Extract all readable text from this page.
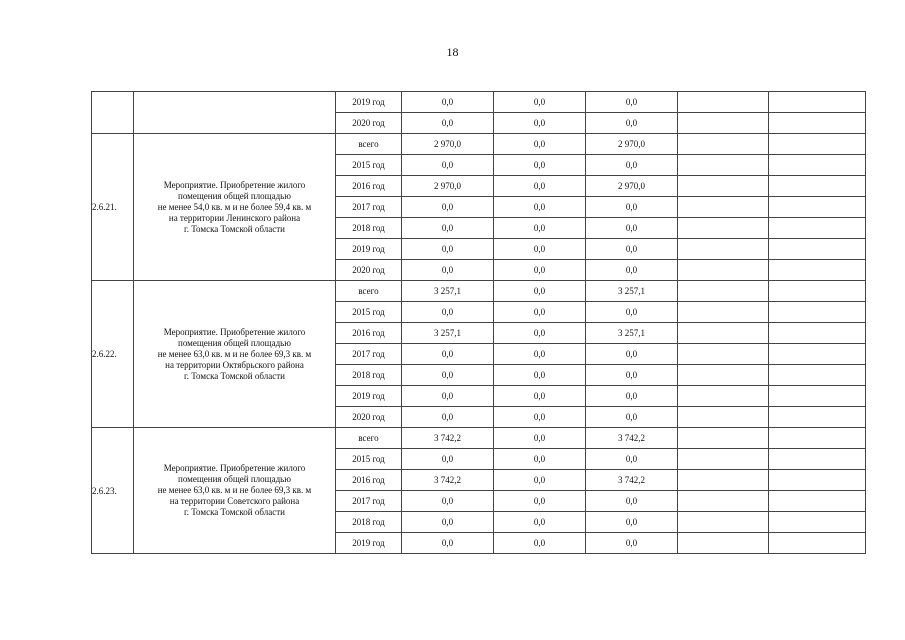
18
		2019 год	0,0	0,0	0,0		
		2020 год	0,0	0,0	0,0		
2.6.21.	Мероприятие. Приобретение жилого
помещения общей площадью
не менее 54,0 кв. м и не более 59,4 кв. м
на территории Ленинского района
г. Томска Томской области	всего	2 970,0	0,0	2 970,0		
		2015 год	0,0	0,0	0,0		
		2016 год	2 970,0	0,0	2 970,0		
		2017 год	0,0	0,0	0,0		
		2018 год	0,0	0,0	0,0		
		2019 год	0,0	0,0	0,0		
		2020 год	0,0	0,0	0,0		
2.6.22.	Мероприятие. Приобретение жилого
помещения общей площадью
не менее 63,0 кв. м и не более 69,3 кв. м
на территории Октябрьского района
г. Томска Томской области	всего	3 257,1	0,0	3 257,1		
		2015 год	0,0	0,0	0,0		
		2016 год	3 257,1	0,0	3 257,1		
		2017 год	0,0	0,0	0,0		
		2018 год	0,0	0,0	0,0		
		2019 год	0,0	0,0	0,0		
		2020 год	0,0	0,0	0,0		
2.6.23.	Мероприятие. Приобретение жилого
помещения общей площадью
не менее 63,0 кв. м и не более 69,3 кв. м
на территории Советского района
г. Томска Томской области	всего	3 742,2	0,0	3 742,2		
		2015 год	0,0	0,0	0,0		
		2016 год	3 742,2	0,0	3 742,2		
		2017 год	0,0	0,0	0,0		
		2018 год	0,0	0,0	0,0		
		2019 год	0,0	0,0	0,0		
